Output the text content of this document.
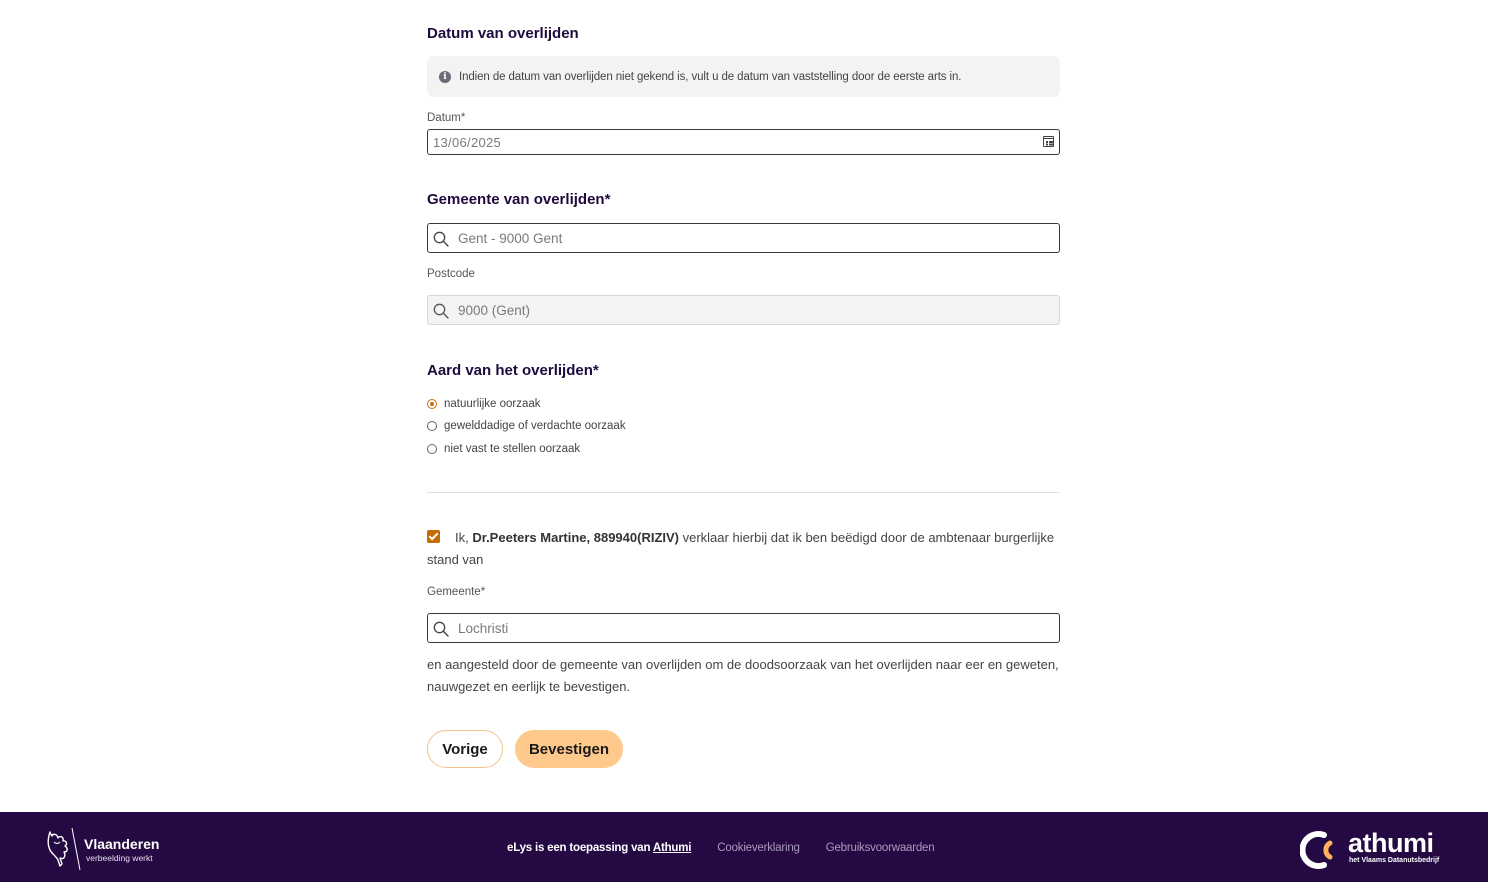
Datum van overlijden
i	Indien de datum van overlijden niet gekend is, vult u de datum van vaststelling door de eerste arts in.
Datum*
13/06/2025
Gemeente van overlijden*
Gent - 9000 Gent
Postcode
9000 (Gent)
Aard van het overlijden*
natuurlijke oorzaak
gewelddadige of verdachte oorzaak
niet vast te stellen oorzaak
Ik, Dr.Peeters Martine, 889940(RIZIV) verklaar hierbij dat ik ben beëdigd door de ambtenaar burgerlijke stand van
Gemeente*
Lochristi
en aangesteld door de gemeente van overlijden om de doodsoorzaak van het overlijden naar eer en geweten, nauwgezet en eerlijk te bevestigen.
Vorige	Bevestigen
Vlaanderen
verbeelding werkt
eLys is een toepassing van Athumi Cookieverklaring Gebruiksvoorwaarden	athumi
het Vlaams Datanutsbedrijf
